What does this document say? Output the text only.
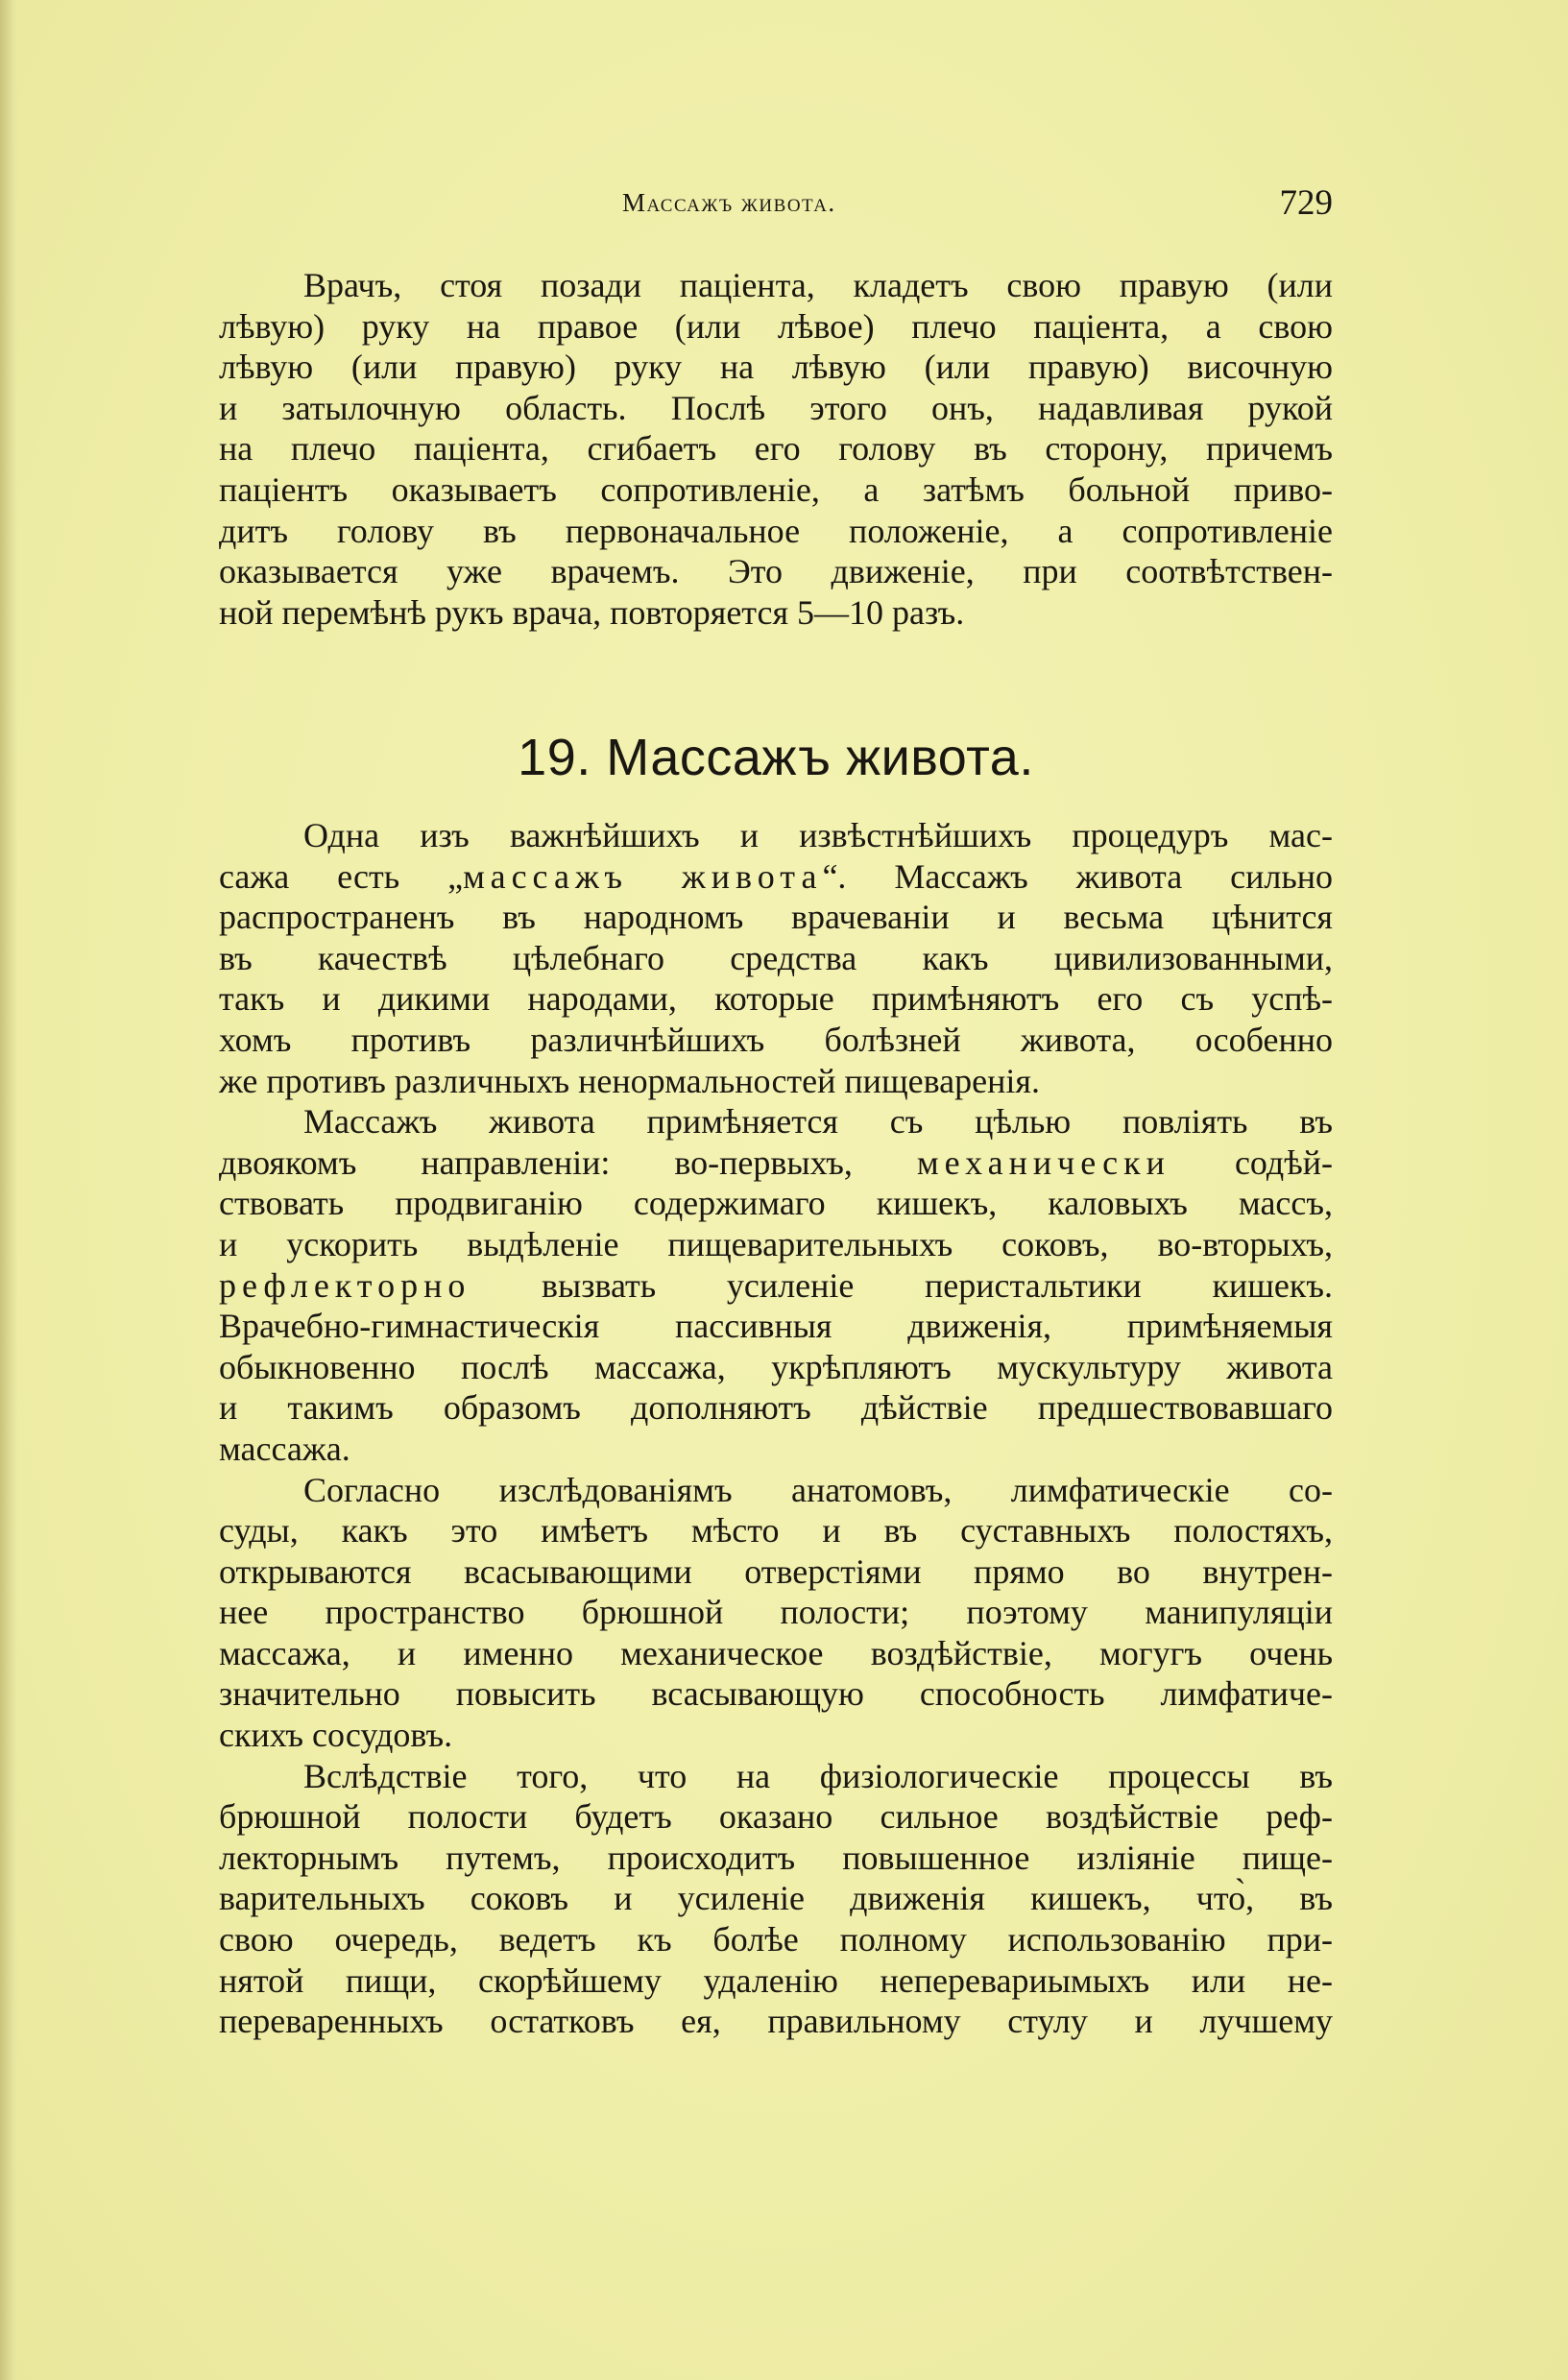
Массажъ живота.	729
Врачъ, стоя позади паціента, кладетъ свою правую (или
лѣвую) руку на правое (или лѣвое) плечо паціента, а свою
лѣвую (или правую) руку на лѣвую (или правую) височную
и затылочную область. Послѣ этого онъ, надавливая рукой
на плечо паціента, сгибаетъ его голову въ сторону, причемъ
паціентъ оказываетъ сопротивленіе, а затѣмъ больной приво-
дитъ голову въ первоначальное положеніе, а сопротивленіе
оказывается уже врачемъ. Это движеніе, при соотвѣтствен-
ной перемѣнѣ рукъ врача, повторяется 5—10 разъ.
19. Массажъ живота.
Одна изъ важнѣйшихъ и извѣстнѣйшихъ процедуръ мас-
сажа есть „массажъ живота“. Массажъ живота сильно
распространенъ въ народномъ врачеваніи и весьма цѣнится
въ качествѣ цѣлебнаго средства какъ цивилизованными,
такъ и дикими народами, которые примѣняютъ его съ успѣ-
хомъ противъ различнѣйшихъ болѣзней живота, особенно
же противъ различныхъ ненормальностей пищеваренія.
Массажъ живота примѣняется съ цѣлью повліять въ
двоякомъ направленіи: во-первыхъ, механически содѣй-
ствовать продвиганію содержимаго кишекъ, каловыхъ массъ,
и ускорить выдѣленіе пищеварительныхъ соковъ, во-вторыхъ,
рефлекторно вызвать усиленіе перистальтики кишекъ.
Врачебно-гимнастическія пассивныя движенія, примѣняемыя
обыкновенно послѣ массажа, укрѣпляютъ мускультуру живота
и такимъ образомъ дополняютъ дѣйствіе предшествовавшаго
массажа.
Согласно изслѣдованіямъ анатомовъ, лимфатическіе со-
суды, какъ это имѣетъ мѣсто и въ суставныхъ полостяхъ,
открываются всасывающими отверстіями прямо во внутрен-
нее пространство брюшной полости; поэтому манипуляціи
массажа, и именно механическое воздѣйствіе, могугъ очень
значительно повысить всасывающую способность лимфатиче-
скихъ сосудовъ.
Вслѣдствіе того, что на физіологическіе процессы въ
брюшной полости будетъ оказано сильное воздѣйствіе реф-
лекторнымъ путемъ, происходитъ повышенное изліяніе пище-
варительныхъ соковъ и усиленіе движенія кишекъ, что̀, въ
свою очередь, ведетъ къ болѣе полному использованію при-
нятой пищи, скорѣйшему удаленію неперевариымыхъ или не-
переваренныхъ остатковъ ея, правильному стулу и лучшему
